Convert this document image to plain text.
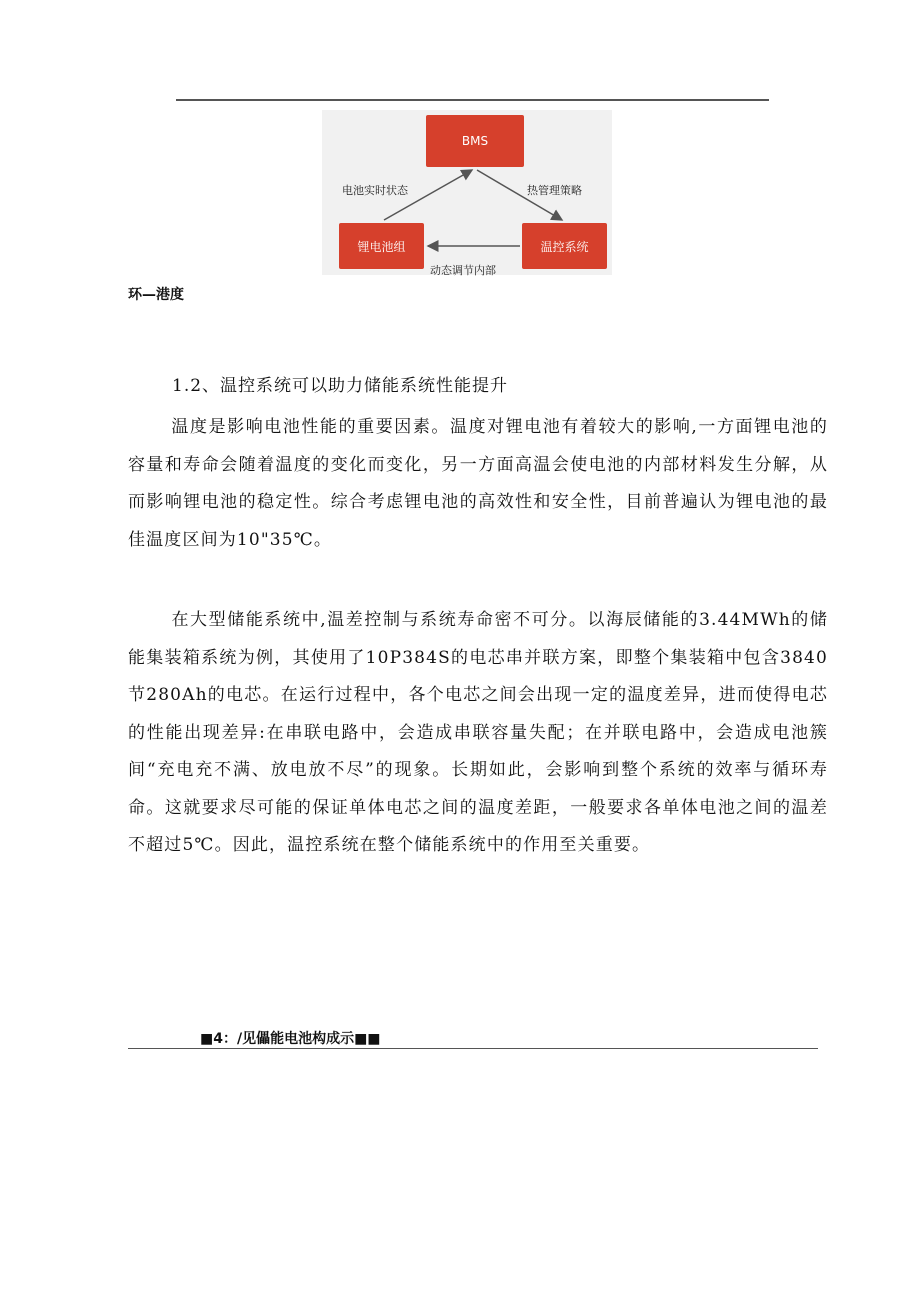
BMS
锂电池组	温控系统
电池实时状态	热管理策略
动态调节内部
环—港度
1.2、温控系统可以助力储能系统性能提升

温度是影响电池性能的重要因素。温度对锂电池有着较大的影响,一方面锂电池的容量和寿命会随着温度的变化而变化，另一方面高温会使电池的内部材料发生分解，从而影响锂电池的稳定性。综合考虑锂电池的高效性和安全性，目前普遍认为锂电池的最佳温度区间为10"35℃。

在大型储能系统中,温差控制与系统寿命密不可分。以海辰储能的3.44MWh的储能集装箱系统为例，其使用了10P384S的电芯串并联方案，即整个集装箱中包含3840节280Ah的电芯。在运行过程中，各个电芯之间会出现一定的温度差异，进而使得电芯的性能出现差异:在串联电路中，会造成串联容量失配；在并联电路中，会造成电池簇间“充电充不满、放电放不尽”的现象。长期如此，会影响到整个系统的效率与循环寿命。这就要求尽可能的保证单体电芯之间的温度差距，一般要求各单体电池之间的温差不超过5℃。因此，温控系统在整个储能系统中的作用至关重要。

■4：/见儡能电池构成示■■
